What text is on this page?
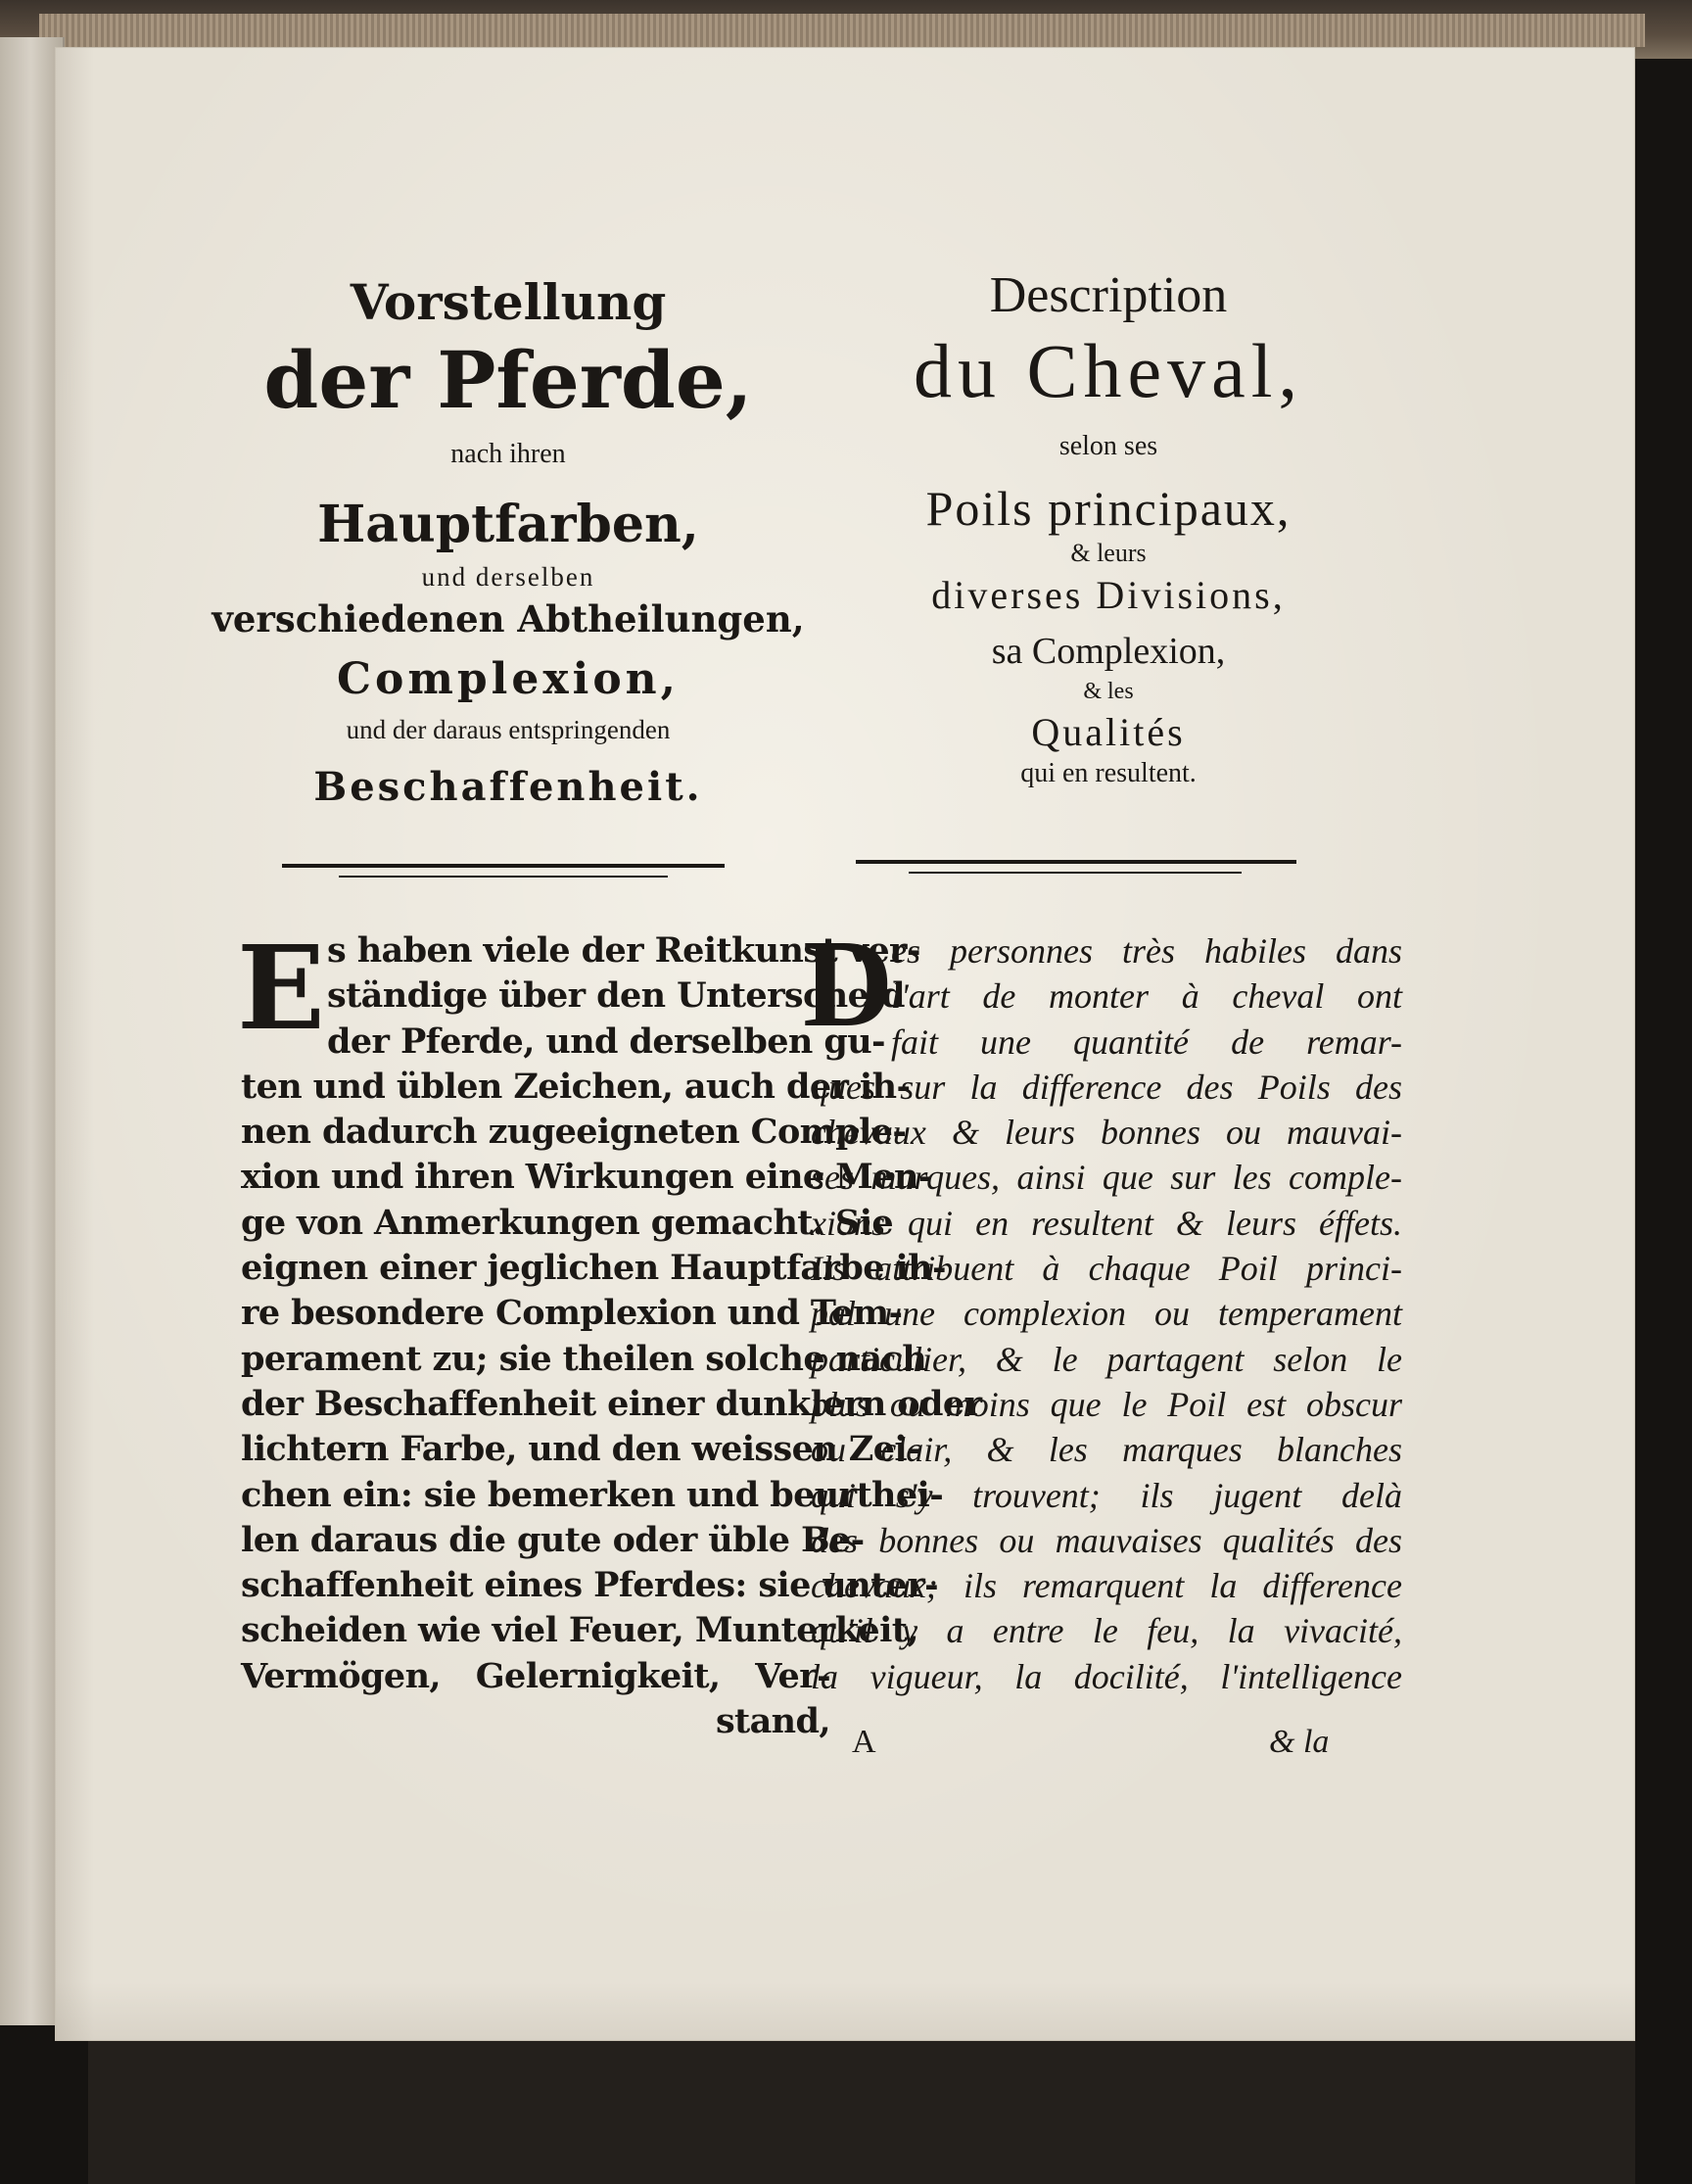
Vorstellung
der Pferde,
nach ihren
Hauptfarben,
und derselben
verschiedenen Abtheilungen,
Complexion,
und der daraus entspringenden
Beschaffenheit.
Description
du Cheval,
selon ses
Poils principaux,
& leurs
diverses Divisions,
sa Complexion,
& les
Qualités
qui en resultent.
E s haben viele der Reitkunst ver-
ständige über den Unterscheid
der Pferde, und derselben gu-
ten und üblen Zeichen, auch der ih-
nen dadurch zugeeigneten Comple-
xion und ihren Wirkungen eine Men-
ge von Anmerkungen gemacht. Sie
eignen einer jeglichen Hauptfarbe ih-
re besondere Complexion und Tem-
perament zu; sie theilen solche nach
der Beschaffenheit einer dunklern oder
lichtern Farbe, und den weissen Zei-
chen ein: sie bemerken und beurthei-
len daraus die gute oder üble Be-
schaffenheit eines Pferdes: sie unter-
scheiden wie viel Feuer, Munterkeit,
Vermögen, Gelernigkeit, Ver-
stand,
D
es personnes très habiles dans
l'art de monter à cheval ont
fait une quantité de remar-
ques sur la difference des Poils des
chevaux & leurs bonnes ou mauvai-
ses marques, ainsi que sur les comple-
xions qui en resultent & leurs éffets.
Ils attribuent à chaque Poil princi-
pal une complexion ou temperament
particulier, & le partagent selon le
plus ou moins que le Poil est obscur
ou clair, & les marques blanches
qui s'y trouvent; ils jugent delà
des bonnes ou mauvaises qualités des
chevaux; ils remarquent la difference
qu'il y a entre le feu, la vivacité,
la vigueur, la docilité, l'intelligence
A	& la
